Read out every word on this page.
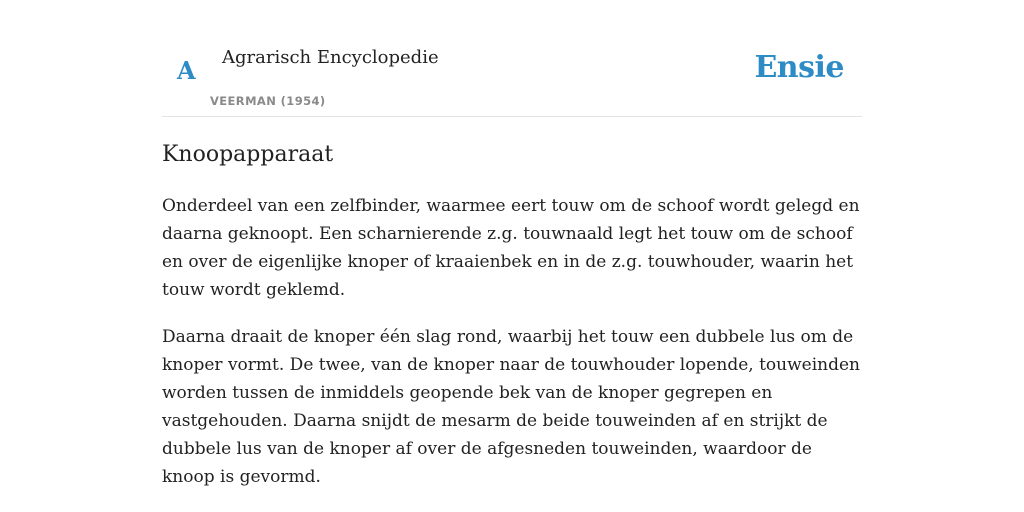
A Agrarisch Encyclopedie
VEERMAN (1954)
Ensie
Knoopapparaat

Onderdeel van een zelfbinder, waarmee eert touw om de schoof wordt gelegd en daarna geknoopt. Een scharnierende z.g. touwnaald legt het touw om de schoof en over de eigenlijke knoper of kraaienbek en in de z.g. touwhouder, waarin het touw wordt geklemd.

Daarna draait de knoper één slag rond, waarbij het touw een dubbele lus om de knoper vormt. De twee, van de knoper naar de touwhouder lopende, touweinden worden tussen de inmiddels geopende bek van de knoper gegrepen en vastgehouden. Daarna snijdt de mesarm de beide touweinden af en strijkt de dubbele lus van de knoper af over de afgesneden touweinden, waardoor de knoop is gevormd.
